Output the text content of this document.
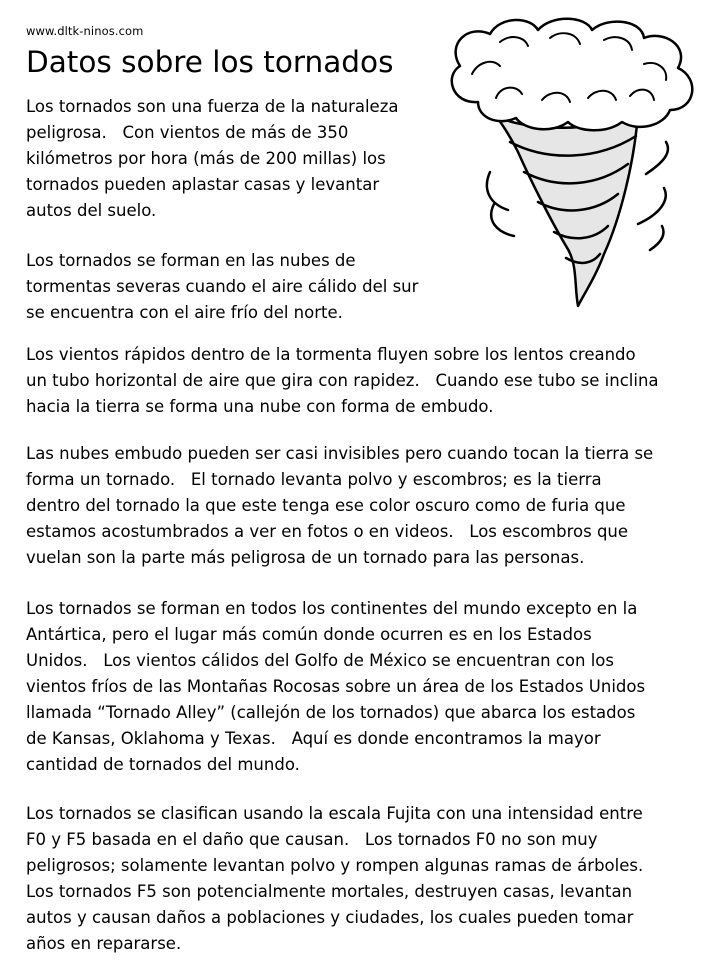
www.dltk-ninos.com
Datos sobre los tornados

Los tornados son una fuerza de la naturaleza
peligrosa.   Con vientos de más de 350
kilómetros por hora (más de 200 millas) los
tornados pueden aplastar casas y levantar
autos del suelo.

Los tornados se forman en las nubes de
tormentas severas cuando el aire cálido del sur
se encuentra con el aire frío del norte.

Los vientos rápidos dentro de la tormenta fluyen sobre los lentos creando
un tubo horizontal de aire que gira con rapidez.   Cuando ese tubo se inclina
hacia la tierra se forma una nube con forma de embudo.

Las nubes embudo pueden ser casi invisibles pero cuando tocan la tierra se
forma un tornado.   El tornado levanta polvo y escombros; es la tierra
dentro del tornado la que este tenga ese color oscuro como de furia que
estamos acostumbrados a ver en fotos o en videos.   Los escombros que
vuelan son la parte más peligrosa de un tornado para las personas.

Los tornados se forman en todos los continentes del mundo excepto en la
Antártica, pero el lugar más común donde ocurren es en los Estados
Unidos.   Los vientos cálidos del Golfo de México se encuentran con los
vientos fríos de las Montañas Rocosas sobre un área de los Estados Unidos
llamada “Tornado Alley” (callejón de los tornados) que abarca los estados
de Kansas, Oklahoma y Texas.   Aquí es donde encontramos la mayor
cantidad de tornados del mundo.

Los tornados se clasifican usando la escala Fujita con una intensidad entre
F0 y F5 basada en el daño que causan.   Los tornados F0 no son muy
peligrosos; solamente levantan polvo y rompen algunas ramas de árboles.
Los tornados F5 son potencialmente mortales, destruyen casas, levantan
autos y causan daños a poblaciones y ciudades, los cuales pueden tomar
años en repararse.
